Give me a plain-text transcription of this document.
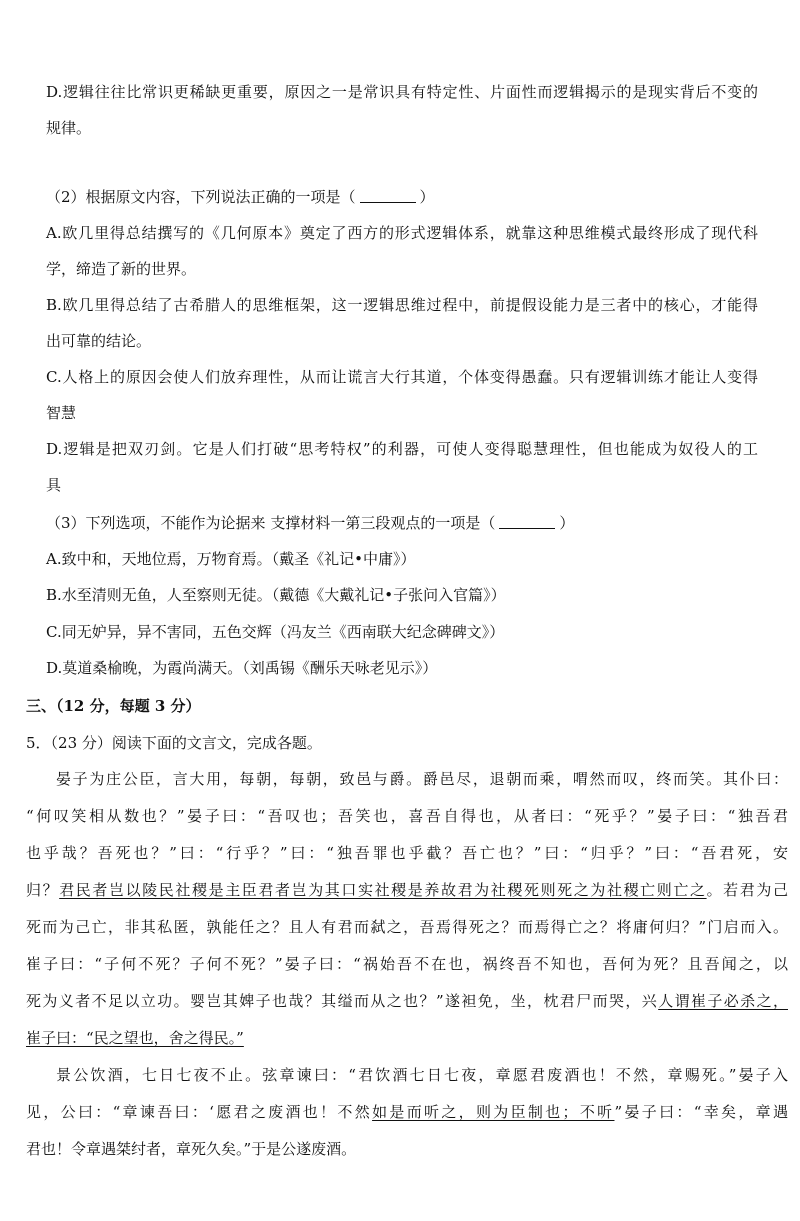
D.逻辑往往比常识更稀缺更重要，原因之一是常识具有特定性、片面性而逻辑揭示的是现实背后不变的
规律。
（2）根据原文内容，下列说法正确的一项是（	）
A.欧几里得总结撰写的《几何原本》奠定了西方的形式逻辑体系，就靠这种思维模式最终形成了现代科
学，缔造了新的世界。
B.欧几里得总结了古希腊人的思维框架，这一逻辑思维过程中，前提假设能力是三者中的核心，才能得
出可靠的结论。
C.人格上的原因会使人们放弃理性，从而让谎言大行其道，个体变得愚蠢。只有逻辑训练才能让人变得
智慧
D.逻辑是把双刃剑。它是人们打破“思考特权”的利器，可使人变得聪慧理性，但也能成为奴役人的工
具
（3）下列选项，不能作为论据来 支撑材料一第三段观点的一项是（	）
A.致中和，天地位焉，万物育焉。（戴圣《礼记•中庸》）
B.水至清则无鱼，人至察则无徒。（戴德《大戴礼记•子张问入官篇》）
C.同无妒异，异不害同，五色交辉（冯友兰《西南联大纪念碑碑文》）
D.莫道桑榆晚，为霞尚满天。（刘禹锡《酬乐天咏老见示》）
三、（12 分，每题 3 分）
5．（23 分）阅读下面的文言文，完成各题。
晏子为庄公臣，言大用，每朝，每朝，致邑与爵。爵邑尽，退朝而乘，喟然而叹，终而笑。其仆曰：
“何叹笑相从数也？”晏子曰：“吾叹也；吾笑也，喜吾自得也，从者曰：“死乎？”晏子曰：“独吾君
也乎哉？吾死也？”曰：“行乎？”曰：“独吾罪也乎截？吾亡也？”曰：“归乎？”曰：“吾君死，安
归？君民者岂以陵民社稷是主臣君者岂为其口实社稷是养故君为社稷死则死之为社稷亡则亡之。若君为己
死而为己亡，非其私匿，孰能任之？且人有君而弑之，吾焉得死之？而焉得亡之？将庸何归？”门启而入。
崔子曰：“子何不死？子何不死？”晏子曰：“祸始吾不在也，祸终吾不知也，吾何为死？且吾闻之，以
死为义者不足以立功。婴岂其婢子也哉？其缢而从之也？”遂袒免，坐，枕君尸而哭，兴人谓崔子必杀之，
崔子曰：“民之望也，舍之得民。”
景公饮酒，七日七夜不止。弦章谏曰：“君饮酒七日七夜，章愿君废酒也！不然，章赐死。”晏子入
见，公曰：“章谏吾曰：‘愿君之废酒也！不然如是而听之，则为臣制也；不听”晏子曰：“幸矣，章遇
君也！令章遇桀纣者，章死久矣。”于是公遂废酒。
